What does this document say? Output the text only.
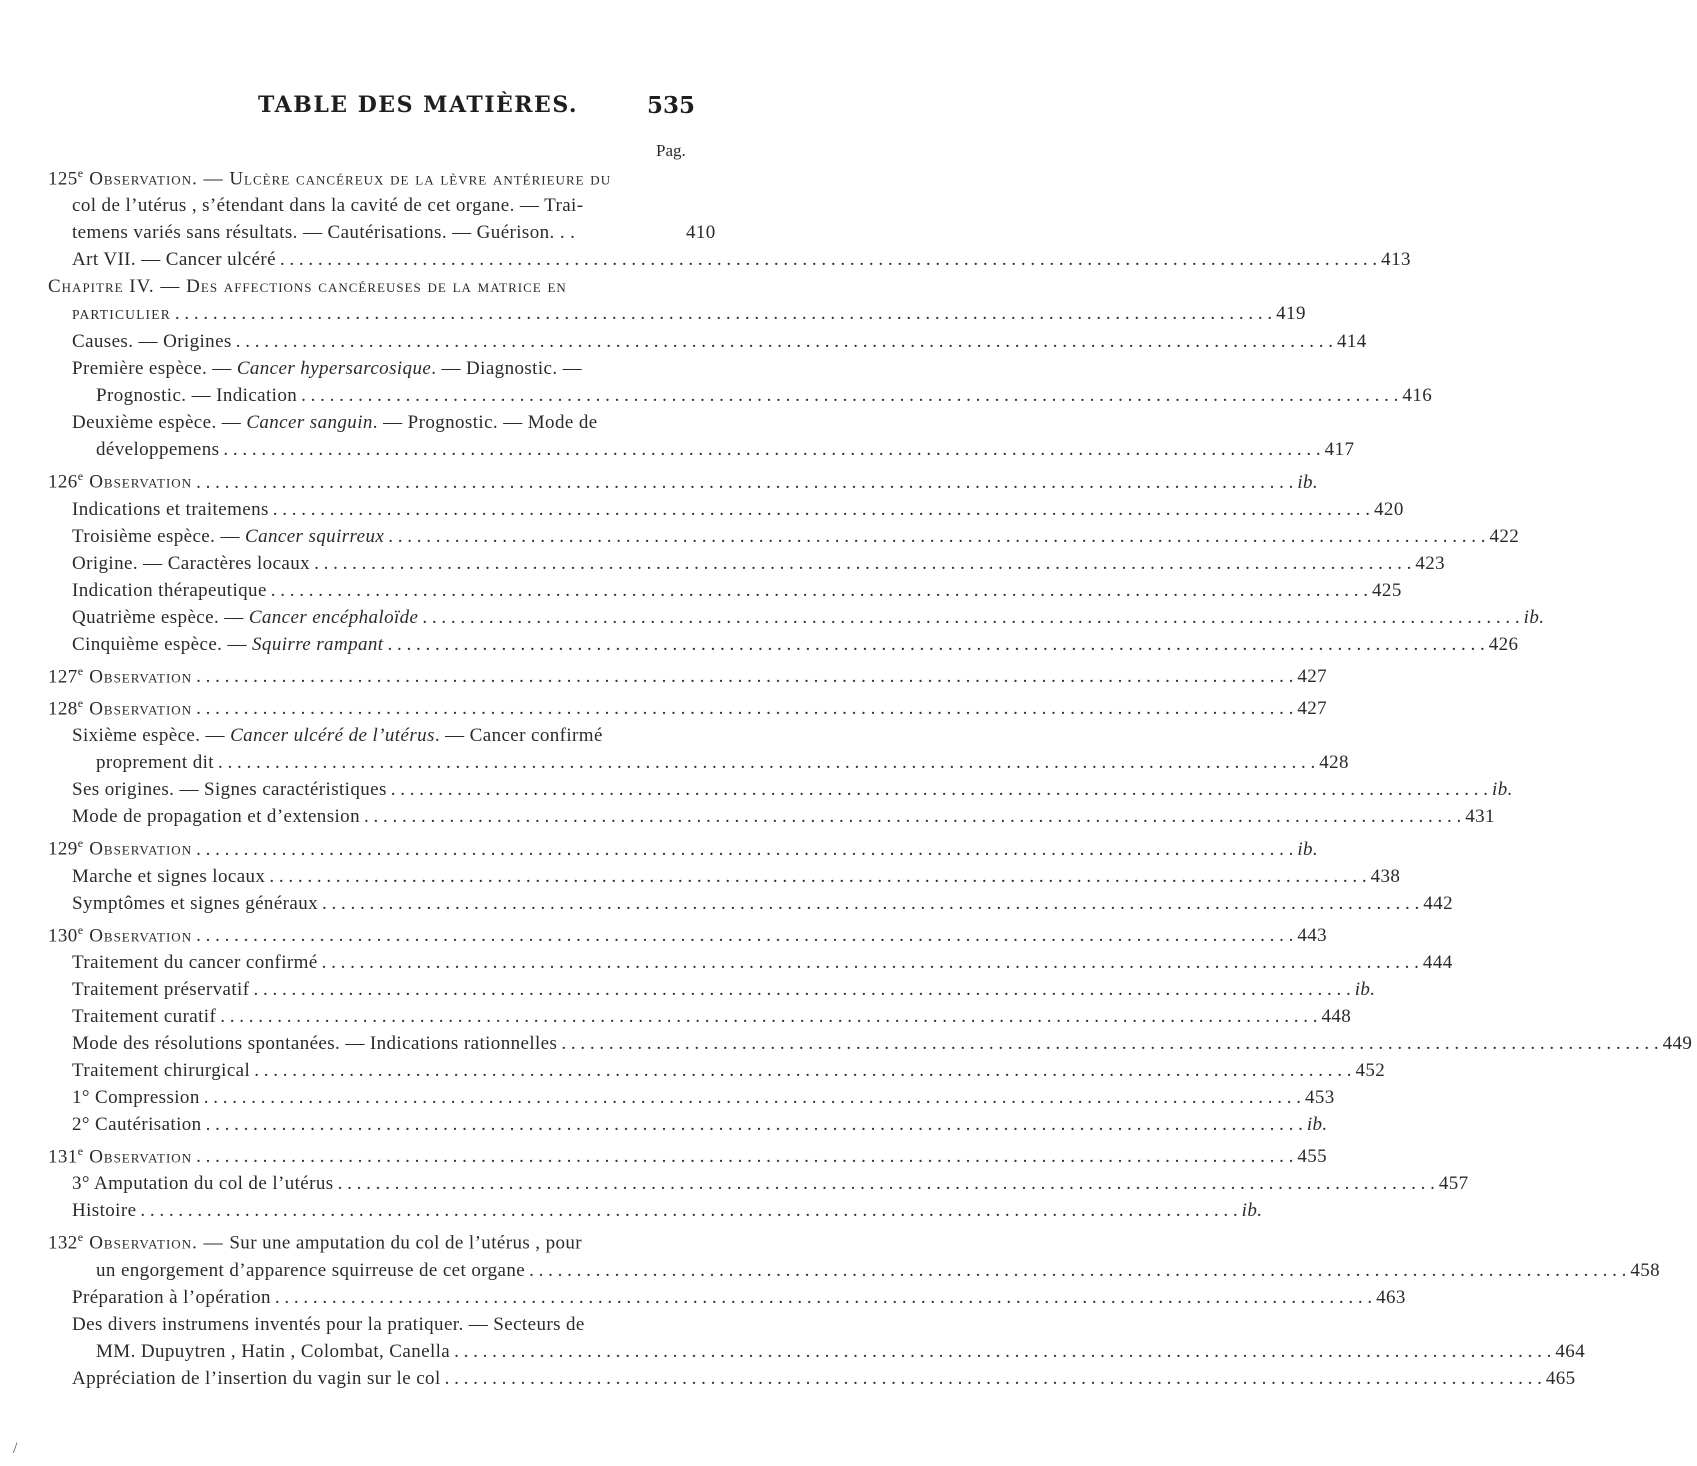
TABLE DES MATIÈRES.	535
Pag.
125e Observation. — Ulcère cancéreux de la lèvre antérieure du
col de l’utérus , s’étendant dans la cavité de cet organe. — Trai-
temens variés sans résultats. — Cautérisations. — Guérison. . .	410
Art VII. — Cancer ulcéré . . .	413
Chapitre IV. — Des affections cancéreuses de la matrice en
PARTICULIER . . .	419
Causes. — Origines . . .	414
Première espèce. — Cancer hypersarcosique. — Diagnostic. —
Prognostic. — Indication . . .	416
Deuxième espèce. — Cancer sanguin. — Prognostic. — Mode de
développemens . . .	417
126e Observation . . .	ib.
Indications et traitemens . . .	420
Troisième espèce. — Cancer squirreux . . .	422
Origine. — Caractères locaux . . .	423
Indication thérapeutique . . .	425
Quatrième espèce. — Cancer encéphaloïde . . .	ib.
Cinquième espèce. — Squirre rampant . . .	426
127e Observation . . .	427
128e Observation . . .	427
Sixième espèce. — Cancer ulcéré de l’utérus. — Cancer confirmé
proprement dit . . .	428
Ses origines. — Signes caractéristiques . . .	ib.
Mode de propagation et d’extension . . .	431
129e Observation . . .	ib.
Marche et signes locaux . . .	438
Symptômes et signes généraux . . .	442
130e Observation . . .	443
Traitement du cancer confirmé . . .	444
Traitement préservatif . . .	ib.
Traitement curatif . . .	448
Mode des résolutions spontanées. — Indications rationnelles . . .	449
Traitement chirurgical . . .	452
1° Compression . . .	453
2° Cautérisation . . .	ib.
131e Observation . . .	455
3° Amputation du col de l’utérus . . .	457
Histoire . . .	ib.
132e Observation. — Sur une amputation du col de l’utérus , pour
un engorgement d’apparence squirreuse de cet organe . . .	458
Préparation à l’opération . . .	463
Des divers instrumens inventés pour la pratiquer. — Secteurs de
MM. Dupuytren , Hatin , Colombat, Canella . . .	464
Appréciation de l’insertion du vagin sur le col . . .	465
/
